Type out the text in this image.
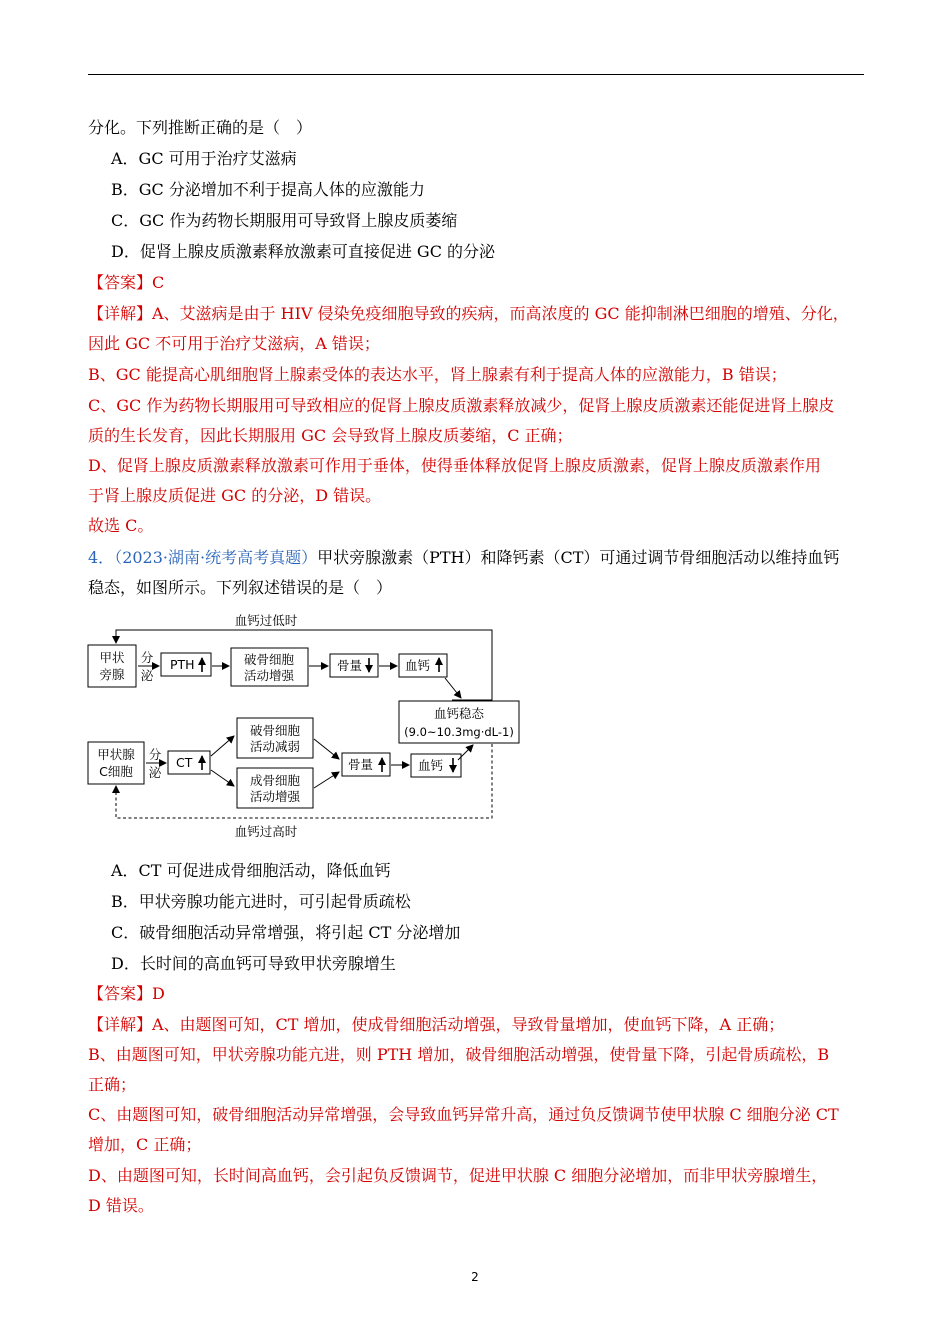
分化。下列推断正确的是（　）
A．GC 可用于治疗艾滋病
B．GC 分泌增加不利于提高人体的应激能力
C．GC 作为药物长期服用可导致肾上腺皮质萎缩
D．促肾上腺皮质激素释放激素可直接促进 GC 的分泌
【答案】C
【详解】A、艾滋病是由于 HIV 侵染免疫细胞导致的疾病，而高浓度的 GC 能抑制淋巴细胞的增殖、分化，
因此 GC 不可用于治疗艾滋病，A 错误；
B、GC 能提高心肌细胞肾上腺素受体的表达水平，肾上腺素有利于提高人体的应激能力，B 错误；
C、GC 作为药物长期服用可导致相应的促肾上腺皮质激素释放减少，促肾上腺皮质激素还能促进肾上腺皮
质的生长发育，因此长期服用 GC 会导致肾上腺皮质萎缩，C 正确；
D、促肾上腺皮质激素释放激素可作用于垂体，使得垂体释放促肾上腺皮质激素，促肾上腺皮质激素作用
于肾上腺皮质促进 GC 的分泌，D 错误。
故选 C。
4．（2023·湖南·统考高考真题）甲状旁腺激素（PTH）和降钙素（CT）可通过调节骨细胞活动以维持血钙
稳态，如图所示。下列叙述错误的是（　）
血钙过低时
甲状
旁腺
分
泌
PTH	破骨细胞
活动增强
骨量	血钙
血钙稳态
(9.0~10.3mg·dL-1)
甲状腺
C细胞
分
泌
CT
破骨细胞
活动减弱
成骨细胞
活动增强
骨量	血钙
血钙过高时
A．CT 可促进成骨细胞活动，降低血钙
B．甲状旁腺功能亢进时，可引起骨质疏松
C．破骨细胞活动异常增强，将引起 CT 分泌增加
D．长时间的高血钙可导致甲状旁腺增生
【答案】D
【详解】A、由题图可知，CT 增加，使成骨细胞活动增强，导致骨量增加，使血钙下降，A 正确；
B、由题图可知，甲状旁腺功能亢进，则 PTH 增加，破骨细胞活动增强，使骨量下降，引起骨质疏松，B
正确；
C、由题图可知，破骨细胞活动异常增强，会导致血钙异常升高，通过负反馈调节使甲状腺 C 细胞分泌 CT
增加，C 正确；
D、由题图可知，长时间高血钙，会引起负反馈调节，促进甲状腺 C 细胞分泌增加，而非甲状旁腺增生，
D 错误。
2
